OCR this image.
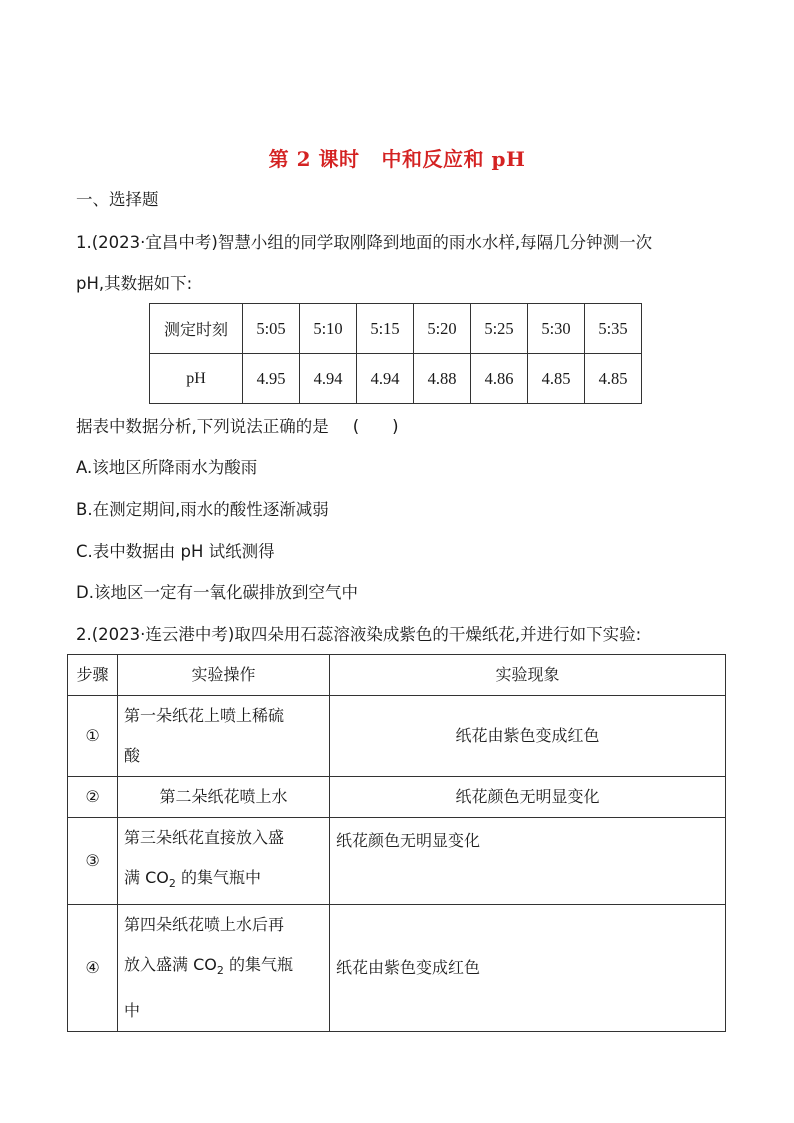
第 2 课时 中和反应和 pH
一、选择题
1.(2023·宜昌中考)智慧小组的同学取刚降到地面的雨水水样,每隔几分钟测一次
pH,其数据如下:
测定时刻	5:05	5:10	5:15	5:20	5:25	5:30	5:35
pH	4.95	4.94	4.94	4.88	4.86	4.85	4.85
据表中数据分析,下列说法正确的是 (　　)
A.该地区所降雨水为酸雨
B.在测定期间,雨水的酸性逐渐减弱
C.表中数据由 pH 试纸测得
D.该地区一定有一氧化碳排放到空气中
2.(2023·连云港中考)取四朵用石蕊溶液染成紫色的干燥纸花,并进行如下实验:
步骤	实验操作	实验现象
①	第一朵纸花上喷上稀硫
酸	纸花由紫色变成红色
②	第二朵纸花喷上水	纸花颜色无明显变化
③	第三朵纸花直接放入盛
满 $CO_2$ 的集气瓶中	纸花颜色无明显变化

④	第四朵纸花喷上水后再
放入盛满 $CO_2$ 的集气瓶
中	纸花由紫色变成红色
